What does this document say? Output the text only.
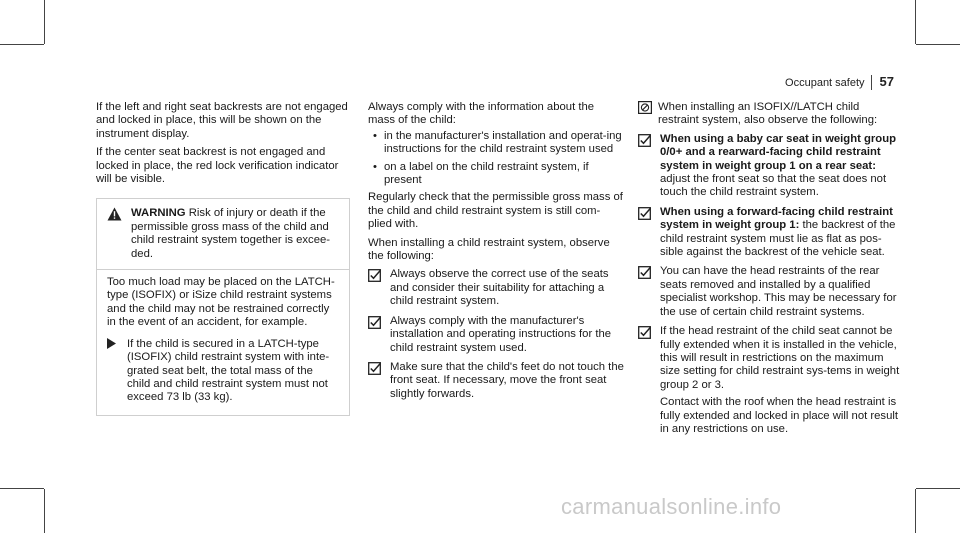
Occupant safety 57

If the left and right seat backrests are not engaged and locked in place, this will be shown on the instrument display.

If the center seat backrest is not engaged and locked in place, the red lock verification indicator will be visible.

WARNING Risk of injury or death if the permissible gross mass of the child and child restraint system together is excee-ded.
Too much load may be placed on the LATCH-type (ISOFIX) or iSize child restraint systems and the child may not be restrained correctly in the event of an accident, for example.
If the child is secured in a LATCH-type (ISOFIX) child restraint system with inte-grated seat belt, the total mass of the child and child restraint system must not exceed 73 lb (33 kg).

Always comply with the information about the mass of the child:

• in the manufacturer's installation and operat-ing instructions for the child restraint system used
• on a label on the child restraint system, if present

Regularly check that the permissible gross mass of the child and child restraint system is still com-plied with.

When installing a child restraint system, observe the following:

Always observe the correct use of the seats and consider their suitability for attaching a child restraint system.
Always comply with the manufacturer's installation and operating instructions for the child restraint system used.
Make sure that the child's feet do not touch the front seat. If necessary, move the front seat slightly forwards.
When installing an ISOFIX//LATCH child restraint system, also observe the following:
When using a baby car seat in weight group 0/0+ and a rearward-facing child restraint system in weight group 1 on a rear seat: adjust the front seat so that the seat does not touch the child restraint system.
When using a forward-facing child restraint system in weight group 1: the backrest of the child restraint system must lie as flat as pos-sible against the backrest of the vehicle seat.
You can have the head restraints of the rear seats removed and installed by a qualified specialist workshop. This may be necessary for the use of certain child restraint systems.
If the head restraint of the child seat cannot be fully extended when it is installed in the vehicle, this will result in restrictions on the maximum size setting for child restraint sys-tems in weight group 2 or 3.
Contact with the roof when the head restraint is fully extended and locked in place will not result in any restrictions on use.
carmanualsonline.info
